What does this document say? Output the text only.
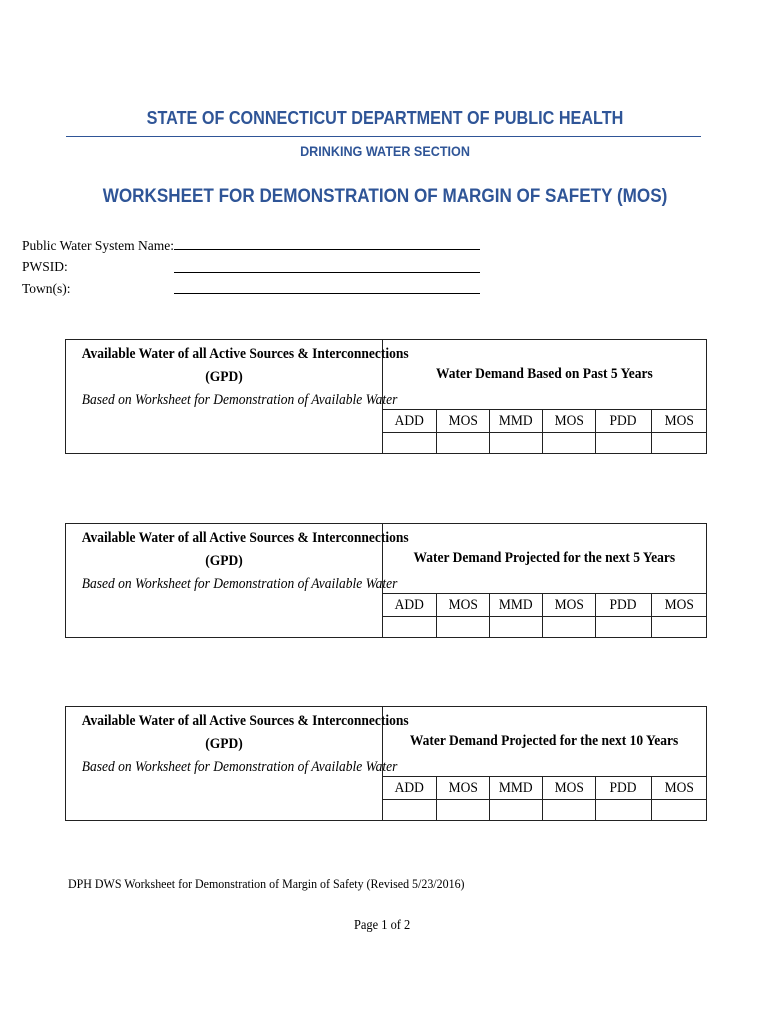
STATE OF CONNECTICUT DEPARTMENT OF PUBLIC HEALTH
DRINKING WATER SECTION
WORKSHEET FOR DEMONSTRATION OF MARGIN OF SAFETY (MOS)
Public Water System Name:
PWSID:
Town(s):
Available Water of all Active Sources & Interconnections
(GPD)
Based on Worksheet for Demonstration of Available Water	Water Demand Based on Past 5 Years					
	ADD	MOS	MMD	MOS	PDD	MOS

Available Water of all Active Sources & Interconnections
(GPD)
Based on Worksheet for Demonstration of Available Water	Water Demand Projected for the next 5 Years					
	ADD	MOS	MMD	MOS	PDD	MOS

Available Water of all Active Sources & Interconnections
(GPD)
Based on Worksheet for Demonstration of Available Water	Water Demand Projected for the next 10 Years					
	ADD	MOS	MMD	MOS	PDD	MOS

DPH DWS Worksheet for Demonstration of Margin of Safety (Revised 5/23/2016)
Page 1 of 2
